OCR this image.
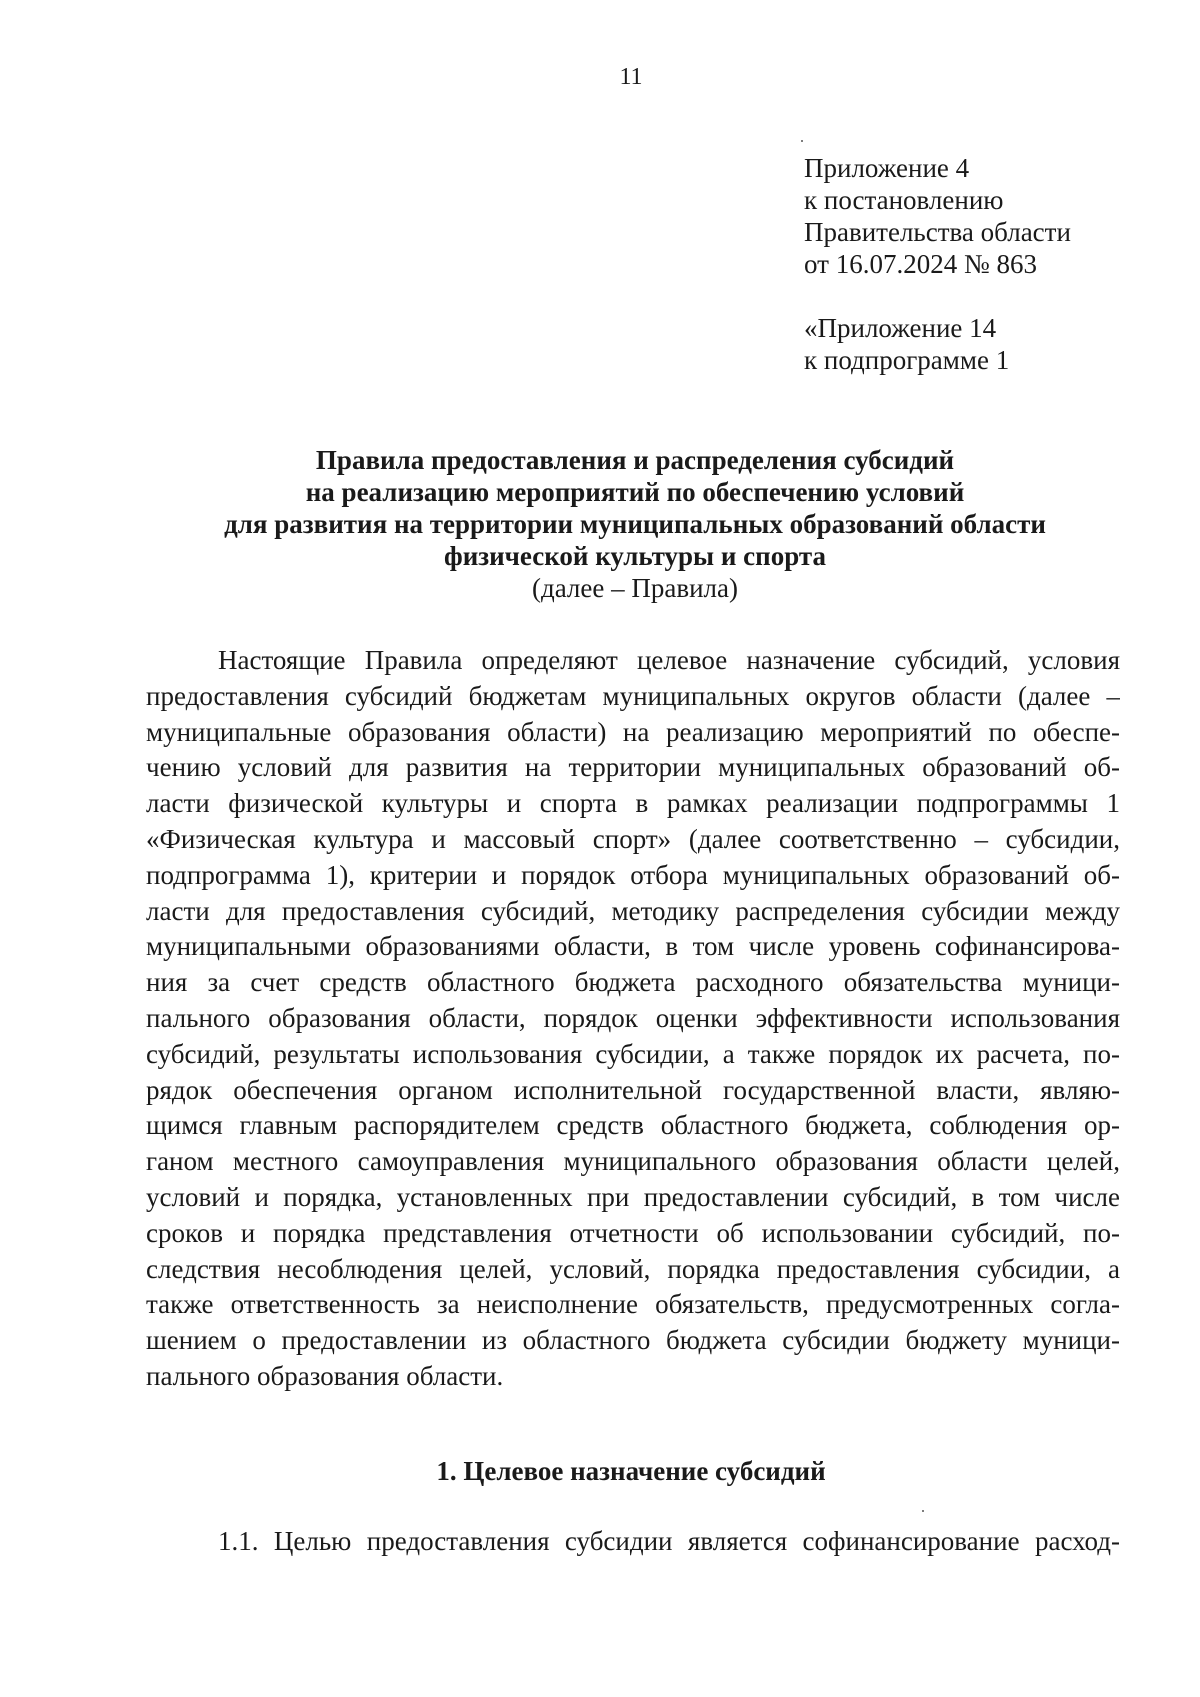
11
Приложение 4
к постановлению
Правительства области
от 16.07.2024 № 863
«Приложение 14
к подпрограмме 1
Правила предоставления и распределения субсидий
на реализацию мероприятий по обеспечению условий
для развития на территории муниципальных образований области
физической культуры и спорта
(далее – Правила)
Настоящие Правила определяют целевое назначение субсидий, условия
предоставления субсидий бюджетам муниципальных округов области (далее –
муниципальные образования области) на реализацию мероприятий по обеспе-
чению условий для развития на территории муниципальных образований об-
ласти физической культуры и спорта в рамках реализации подпрограммы 1
«Физическая культура и массовый спорт» (далее соответственно – субсидии,
подпрограмма 1), критерии и порядок отбора муниципальных образований об-
ласти для предоставления субсидий, методику распределения субсидии между
муниципальными образованиями области, в том числе уровень софинансирова-
ния за счет средств областного бюджета расходного обязательства муници-
пального образования области, порядок оценки эффективности использования
субсидий, результаты использования субсидии, а также порядок их расчета, по-
рядок обеспечения органом исполнительной государственной власти, являю-
щимся главным распорядителем средств областного бюджета, соблюдения ор-
ганом местного самоуправления муниципального образования области целей,
условий и порядка, установленных при предоставлении субсидий, в том числе
сроков и порядка представления отчетности об использовании субсидий, по-
следствия несоблюдения целей, условий, порядка предоставления субсидии, а
также ответственность за неисполнение обязательств, предусмотренных согла-
шением о предоставлении из областного бюджета субсидии бюджету муници-
пального образования области.
1. Целевое назначение субсидий
1.1. Целью предоставления субсидии является софинансирование расход-
